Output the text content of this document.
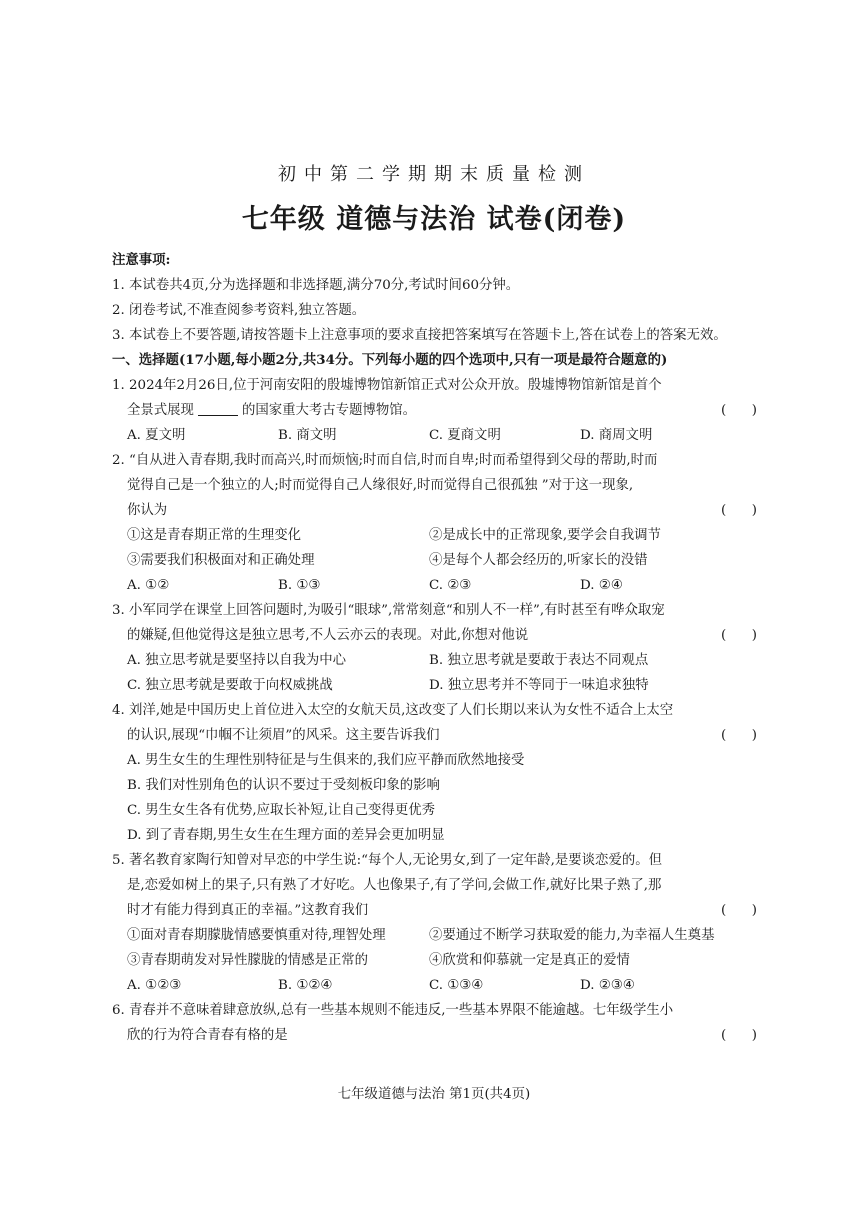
初中第二学期期末质量检测
七年级 道德与法治 试卷(闭卷)
注意事项:
1. 本试卷共4页,分为选择题和非选择题,满分70分,考试时间60分钟。
2. 闭卷考试,不准查阅参考资料,独立答题。
3. 本试卷上不要答题,请按答题卡上注意事项的要求直接把答案填写在答题卡上,答在试卷上的答案无效。
一、选择题(17小题,每小题2分,共34分。下列每小题的四个选项中,只有一项是最符合题意的)
1. 2024年2月26日,位于河南安阳的殷墟博物馆新馆正式对公众开放。殷墟博物馆新馆是首个
全景式展现	的国家重大考古专题博物馆。	(      )
A. 夏文明	B. 商文明	C. 夏商文明	D. 商周文明
2. “自从进入青春期,我时而高兴,时而烦恼;时而自信,时而自卑;时而希望得到父母的帮助,时而
觉得自己是一个独立的人;时而觉得自己人缘很好,时而觉得自己很孤独 ”对于这一现象,
你认为	(      )
①这是青春期正常的生理变化	②是成长中的正常现象,要学会自我调节
③需要我们积极面对和正确处理	④是每个人都会经历的,听家长的没错
A. ①②	B. ①③	C. ②③	D. ②④
3. 小军同学在课堂上回答问题时,为吸引“眼球”,常常刻意“和别人不一样”,有时甚至有哗众取宠
的嫌疑,但他觉得这是独立思考,不人云亦云的表现。对此,你想对他说	(      )
A. 独立思考就是要坚持以自我为中心	B. 独立思考就是要敢于表达不同观点
C. 独立思考就是要敢于向权威挑战	D. 独立思考并不等同于一味追求独特
4. 刘洋,她是中国历史上首位进入太空的女航天员,这改变了人们长期以来认为女性不适合上太空
的认识,展现“巾帼不让须眉”的风采。这主要告诉我们	(      )
A. 男生女生的生理性别特征是与生俱来的,我们应平静而欣然地接受
B. 我们对性别角色的认识不要过于受刻板印象的影响
C. 男生女生各有优势,应取长补短,让自己变得更优秀
D. 到了青春期,男生女生在生理方面的差异会更加明显
5. 著名教育家陶行知曾对早恋的中学生说:“每个人,无论男女,到了一定年龄,是要谈恋爱的。但
是,恋爱如树上的果子,只有熟了才好吃。人也像果子,有了学问,会做工作,就好比果子熟了,那
时才有能力得到真正的幸福。”这教育我们	(      )
①面对青春期朦胧情感要慎重对待,理智处理	②要通过不断学习获取爱的能力,为幸福人生奠基
③青春期萌发对异性朦胧的情感是正常的	④欣赏和仰慕就一定是真正的爱情
A. ①②③	B. ①②④	C. ①③④	D. ②③④
6. 青春并不意味着肆意放纵,总有一些基本规则不能违反,一些基本界限不能逾越。七年级学生小
欣的行为符合青春有格的是	(      )
七年级道德与法治 第1页(共4页)
